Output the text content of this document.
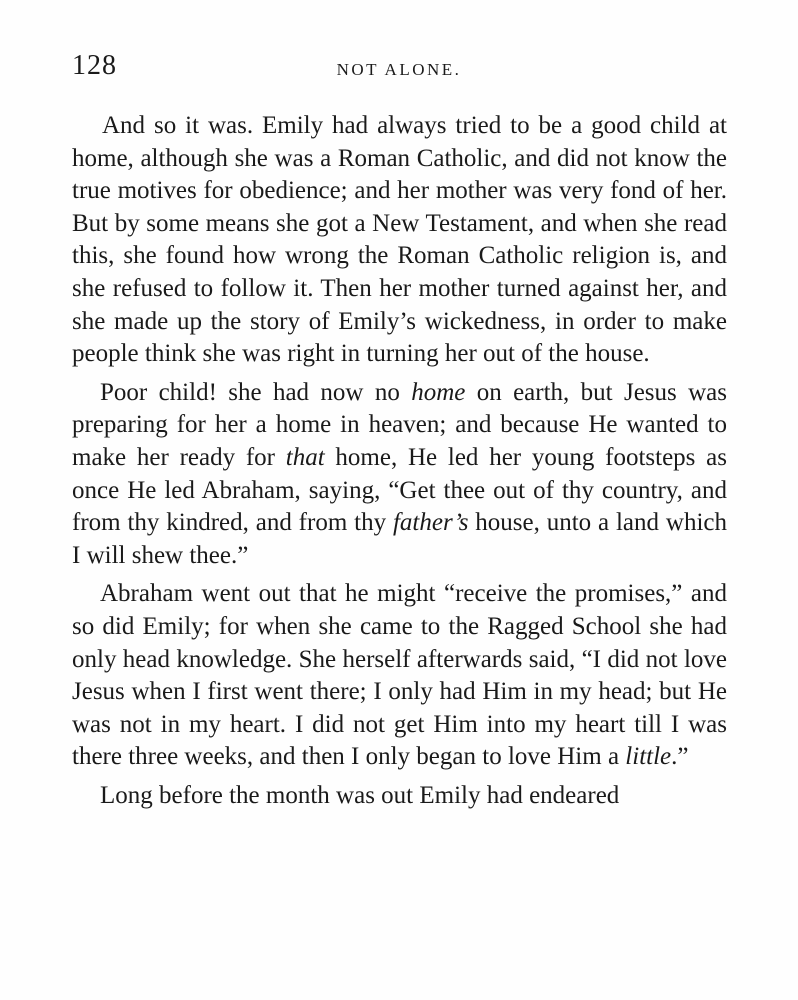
128	NOT ALONE.

And so it was. Emily had always tried to be a good child at home, although she was a Roman Catholic, and did not know the true motives for obedience; and her mother was very fond of her. But by some means she got a New Testament, and when she read this, she found how wrong the Roman Catholic religion is, and she refused to follow it. Then her mother turned against her, and she made up the story of Emily’s wickedness, in order to make people think she was right in turning her out of the house.

Poor child! she had now no home on earth, but Jesus was preparing for her a home in heaven; and because He wanted to make her ready for that home, He led her young footsteps as once He led Abraham, saying, “Get thee out of thy country, and from thy kindred, and from thy father’s house, unto a land which I will shew thee.”

Abraham went out that he might “receive the promises,” and so did Emily; for when she came to the Ragged School she had only head knowledge. She herself afterwards said, “I did not love Jesus when I first went there; I only had Him in my head; but He was not in my heart. I did not get Him into my heart till I was there three weeks, and then I only began to love Him a little.”

Long before the month was out Emily had endeared
